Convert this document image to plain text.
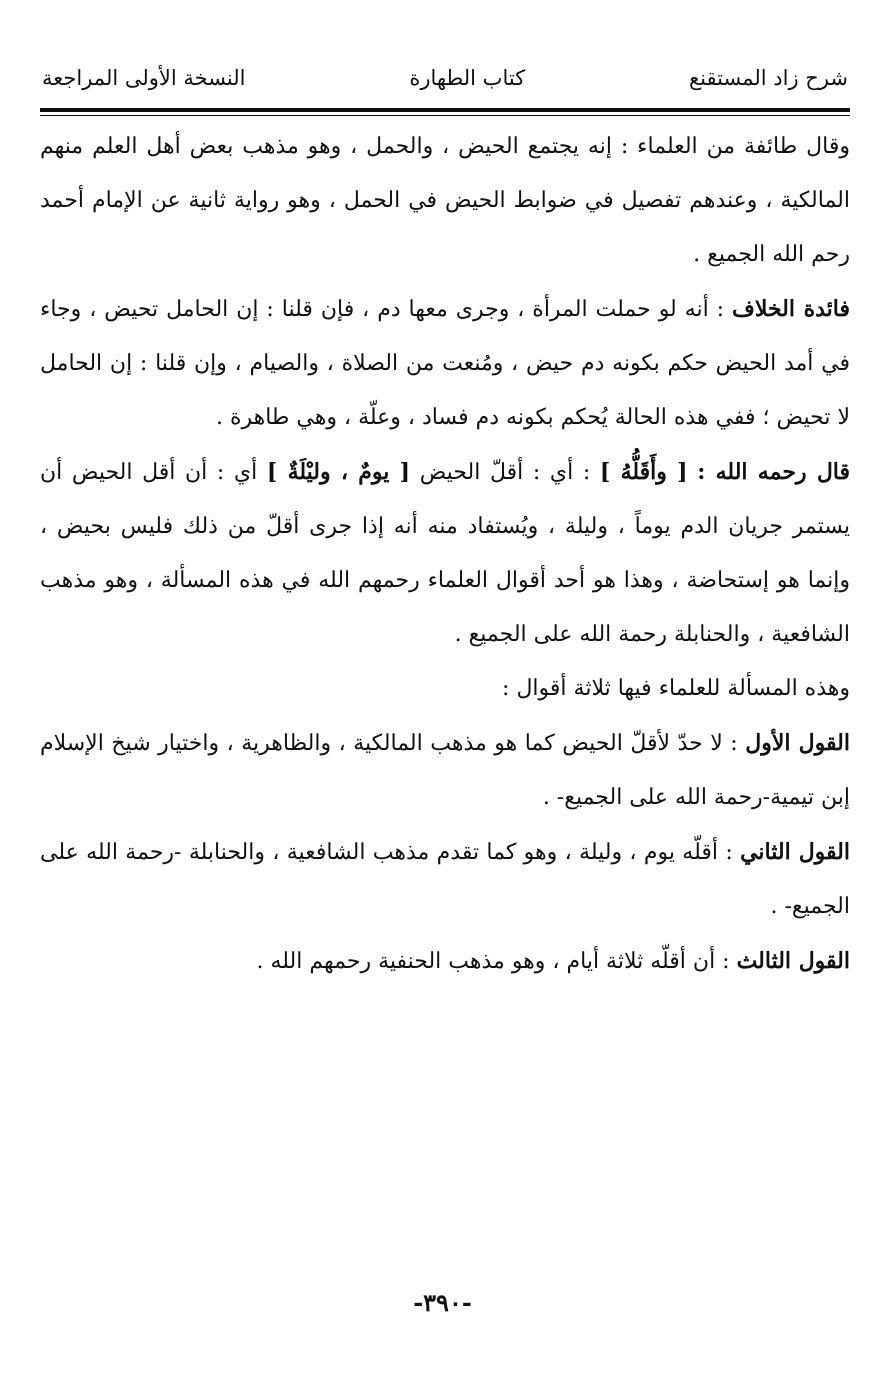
شرح زاد المستقنع
كتاب الطهارة
النسخة الأولى المراجعة

وقال طائفة من العلماء : إنه يجتمع الحيض ، والحمل ، وهو مذهب بعض أهل العلم منهم المالكية ، وعندهم تفصيل في ضوابط الحيض في الحمل ، وهو رواية ثانية عن الإمام أحمد رحم الله الجميع .

فائدة الخلاف : أنه لو حملت المرأة ، وجرى معها دم ، فإن قلنا : إن الحامل تحيض ، وجاء في أمد الحيض حكم بكونه دم حيض ، ومُنعت من الصلاة ، والصيام ، وإن قلنا : إن الحامل لا تحيض ؛ ففي هذه الحالة يُحكم بكونه دم فساد ، وعلّة ، وهي طاهرة .

قال رحمه الله : [ وأَقَلُّهُ ] : أي : أقلّ الحيض [ يومٌ ، وليْلَةٌ ] أي : أن أقل الحيض أن يستمر جريان الدم يوماً ، وليلة ، ويُستفاد منه أنه إذا جرى أقلّ من ذلك فليس بحيض ، وإنما هو إستحاضة ، وهذا هو أحد أقوال العلماء رحمهم الله في هذه المسألة ، وهو مذهب الشافعية ، والحنابلة رحمة الله على الجميع .

وهذه المسألة للعلماء فيها ثلاثة أقوال :

القول الأول : لا حدّ لأقلّ الحيض كما هو مذهب المالكية ، والظاهرية ، واختيار شيخ الإسلام إبن تيمية-رحمة الله على الجميع- .

القول الثاني : أقلّه يوم ، وليلة ، وهو كما تقدم مذهب الشافعية ، والحنابلة -رحمة الله على الجميع- .

القول الثالث : أن أقلّه ثلاثة أيام ، وهو مذهب الحنفية رحمهم الله .

-٣٩٠-
